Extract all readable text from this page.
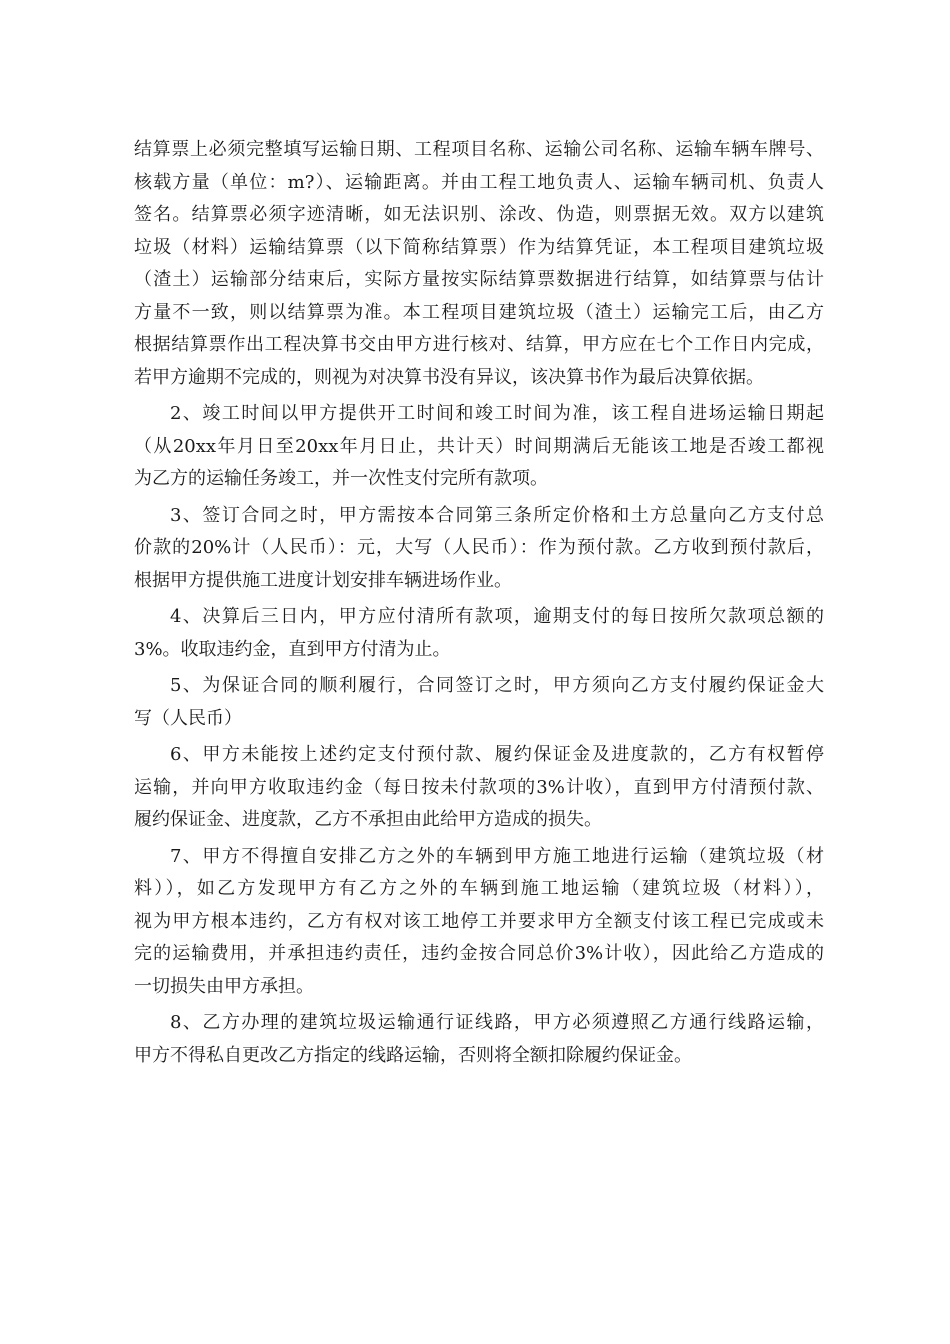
结算票上必须完整填写运输日期、工程项目名称、运输公司名称、运输车辆车牌号、
核载方量（单位：m?）、运输距离。并由工程工地负责人、运输车辆司机、负责人
签名。结算票必须字迹清晰，如无法识别、涂改、伪造，则票据无效。双方以建筑
垃圾（材料）运输结算票（以下简称结算票）作为结算凭证，本工程项目建筑垃圾
（渣土）运输部分结束后，实际方量按实际结算票数据进行结算，如结算票与估计
方量不一致，则以结算票为准。本工程项目建筑垃圾（渣土）运输完工后，由乙方
根据结算票作出工程决算书交由甲方进行核对、结算，甲方应在七个工作日内完成，
若甲方逾期不完成的，则视为对决算书没有异议，该决算书作为最后决算依据。
2、竣工时间以甲方提供开工时间和竣工时间为准，该工程自进场运输日期起
（从20xx年月日至20xx年月日止，共计天）时间期满后无能该工地是否竣工都视
为乙方的运输任务竣工，并一次性支付完所有款项。
3、签订合同之时，甲方需按本合同第三条所定价格和土方总量向乙方支付总
价款的20%计（人民币）：元，大写（人民币）：作为预付款。乙方收到预付款后，
根据甲方提供施工进度计划安排车辆进场作业。
4、决算后三日内，甲方应付清所有款项，逾期支付的每日按所欠款项总额的
3%。收取违约金，直到甲方付清为止。
5、为保证合同的顺利履行，合同签订之时，甲方须向乙方支付履约保证金大
写（人民币）
6、甲方未能按上述约定支付预付款、履约保证金及进度款的，乙方有权暂停
运输，并向甲方收取违约金（每日按未付款项的3%计收），直到甲方付清预付款、
履约保证金、进度款，乙方不承担由此给甲方造成的损失。
7、甲方不得擅自安排乙方之外的车辆到甲方施工地进行运输（建筑垃圾（材
料）），如乙方发现甲方有乙方之外的车辆到施工地运输（建筑垃圾（材料）），
视为甲方根本违约，乙方有权对该工地停工并要求甲方全额支付该工程已完成或未
完的运输费用，并承担违约责任，违约金按合同总价3%计收），因此给乙方造成的
一切损失由甲方承担。
8、乙方办理的建筑垃圾运输通行证线路，甲方必须遵照乙方通行线路运输，
甲方不得私自更改乙方指定的线路运输，否则将全额扣除履约保证金。
